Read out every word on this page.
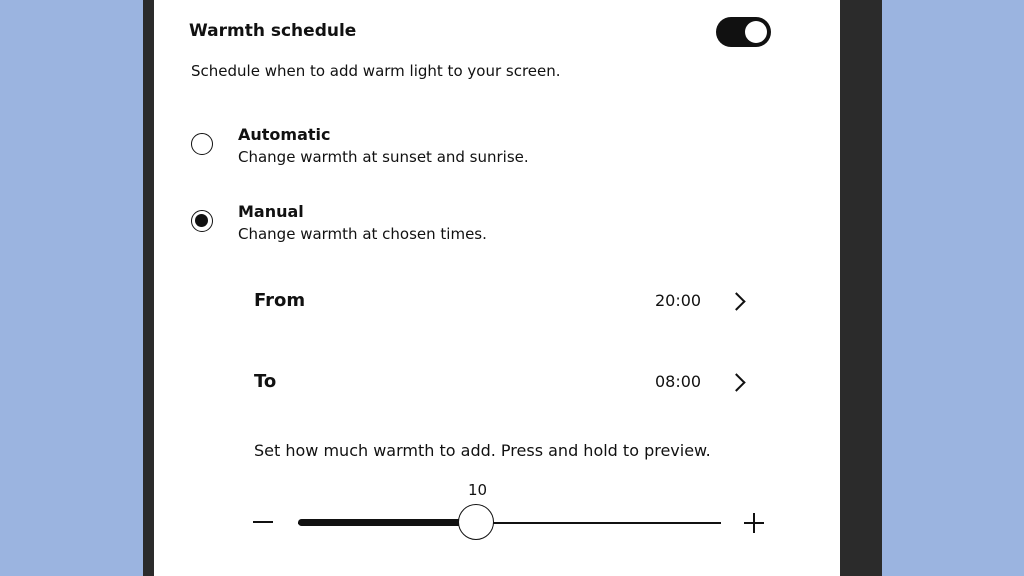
Warmth schedule
Schedule when to add warm light to your screen.
Automatic
Change warmth at sunset and sunrise.
Manual
Change warmth at chosen times.
From	20:00
To	08:00
Set how much warmth to add. Press and hold to preview.
10
